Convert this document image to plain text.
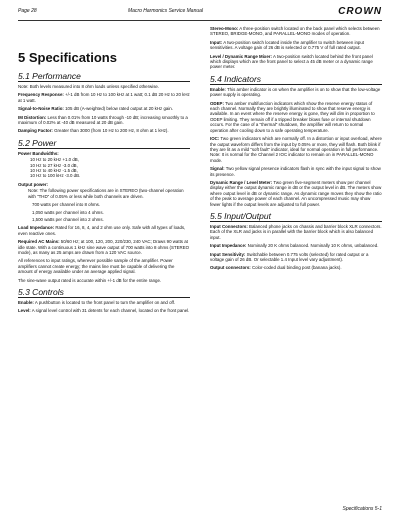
Page 28	Macro Harmonics Service Manual	CROWN
5 Specifications
5.1 Performance

Note: Both levels measured into 8 ohm loads unless specified otherwise.

Frequency Response: +/-1 dB from 10 Hz to 100 kHz at 1 watt; 0.1 dB 20 Hz to 20 kHz at 1 watt.

Signal-to-Noise Ratio: 105 dB (A-weighted) below rated output at 20 kHz gain.

IM Distortion: Less than 0.01% from 10 watts through -10 dB; increasing smoothly to a maximum of 0.02% at -40 dB measured at 20 dB gain.

Damping Factor: Greater than 3000 (from 10 Hz to 200 Hz, 8 ohm at 1 kHz).

5.2 Power
Power Bandwidths:

10 Hz to 20 kHz +1.0 dB,

10 Hz to 27 kHz -3.0 dB,

10 Hz to 40 kHz -1.5 dB,

10 Hz to 100 kHz -3.0 dB.

Output power:

Note: The following power specifications are in STEREO (two-channel operation with "THD" of 0.05% or less while both channels are driven.

700 watts per channel into 8 ohms.

1,050 watts per channel into 4 ohms.

1,500 watts per channel into 2 ohms.

Load Impedance: Rated for 16, 8, 4, and 2 ohm use only. Safe with all types of loads, even reactive ones.

Required AC Mains: 50/60 Hz; at 100, 120, 200, 220/230, 240 VAC; Draws 90 watts at idle state. With a continuous 1 kHz sine wave output of 700 watts into 8 ohms (STEREO mode), as many as 25 amps are drawn from a 120 VAC source.

All references to input ratings, wherever possible sample of the amplifier. Power amplifiers cannot create energy; the mains line must be capable of delivering the amount of energy available under an average applied signal.

The sine-wave output rated is accurate within +/-1 dB for the entire range.

5.3 Controls

Enable: A pushbutton is located to the front panel to turn the amplifier on and off.

Level: A signal level control with 31 detents for each channel, located on the front panel.

Stereo-Mono: A three-position switch located on the back panel which selects between STEREO, BRIDGE-MONO, and PARALLEL-MONO modes of operation.

Input: A two-position switch located inside the amplifier to switch between input sensitivities. A voltage gain of 26 dB is selected or 0.775 V of full rated output.

Level / Dynamic Range Mixer: A two-position switch located behind the front panel which displays which are the front panel to select a 45 dB meter or a dynamic range power meter.

5.4 Indicators

Enable: This amber indicator is on when the amplifier is on to show that the low-voltage power supply is operating.

ODEP: Two amber multifunction indicators which show the reserve energy status of each channel. Normally they are brightly illuminated to show that reserve energy is available. In an event where the reserve energy is gone, they will dim in proportion to ODEP limiting. They remain off if a tripped breaker blows fuse or internal shutdown occurs. For the case of a "thermal" shutdown, the amplifier will return to normal operation after cooling down to a safe operating temperature.

IOC: Two green indicators which are normally off. In a distortion or input overload, where the output waveform differs from the input by 0.05% or more, they will flash. Both blink if they are lit as a mild "soft fault" indicator, ideal for normal operation in full performance. Note: It is normal for the Channel 2 IOC indicator to remain on in PARALLEL-MONO mode.

Signal: Two yellow signal presence indicators flash in sync with the input signal to show its presence.

Dynamic Range / Level Meter: Two green five-segment meters show per channel display either the output dynamic range in dB or the output level in dB. The meters show where output level in dB or dynamic range. As dynamic range moves they show the ratio of the peak to average power of each channel. An uncompressed music may show fewer lights if the output levels are adjusted to full power.

5.5 Input/Output

Input Connectors: Balanced phone jacks on chassis and barrier block XLR connectors. Each of the XLR and jacks is in parallel with the barrier block which is also balanced input.

Input Impedance: Nominally 20 K ohms balanced. Nominally 10 K ohms, unbalanced.

Input Sensitivity: Switchable between 0.775 volts (selected) for rated output or a voltage gain of 26 dB. Or selectable 1.4 Input level vary adjustment).

Output connectors: Color-coded dual binding post (banana jacks).

Specifications 5-1
